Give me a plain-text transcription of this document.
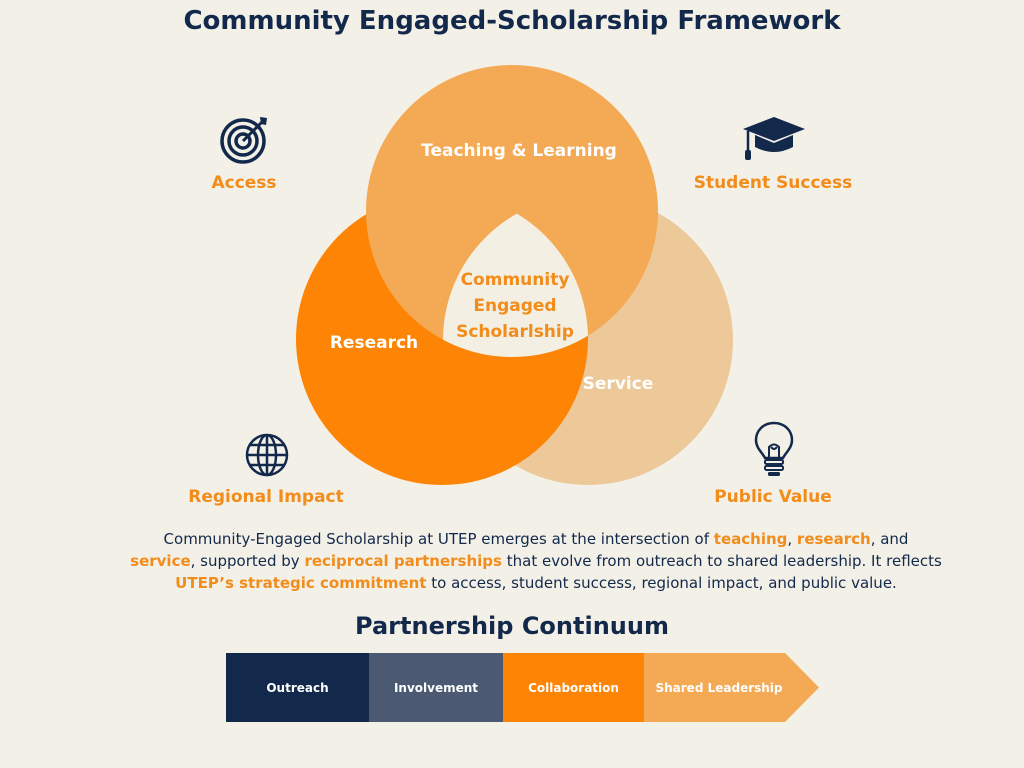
Community Engaged-Scholarship Framework
Teaching & Learning
Research
Service
Community
Engaged
Scholarlship
Access	Student Success
Regional Impact	Public Value
Community-Engaged Scholarship at UTEP emerges at the intersection of teaching, research, and service, supported by reciprocal partnerships that evolve from outreach to shared leadership. It reflects UTEP’s strategic commitment to access, student success, regional impact, and public value.
Partnership Continuum
Outreach	Involvement	Collaboration	Shared Leadership
